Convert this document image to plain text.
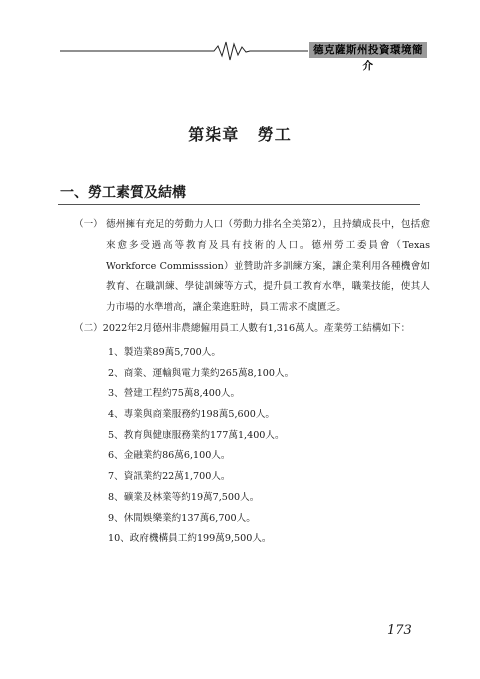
德克薩斯州投資環境簡介
第柒章 勞工
一、勞工素質及結構
（一） 德州擁有充足的勞動力人口（勞動力排名全美第2），且持續成長中，包括愈來愈多受過高等教育及具有技術的人口。德州勞工委員會（Texas Workforce Commisssion）並贊助許多訓練方案，讓企業利用各種機會如教育、在職訓練、學徒訓練等方式，提升員工教育水準，職業技能，使其人力市場的水準增高，讓企業進駐時，員工需求不虞匱乏。
（二）2022年2月德州非農總僱用員工人數有1,316萬人。產業勞工結構如下：
1、製造業89萬5,700人。
2、商業、運輸與電力業約265萬8,100人。
3、營建工程約75萬8,400人。
4、專業與商業服務約198萬5,600人。
5、教育與健康服務業約177萬1,400人。
6、金融業約86萬6,100人。
7、資訊業約22萬1,700人。
8、礦業及林業等約19萬7,500人。
9、休閒娛樂業約137萬6,700人。
10、政府機構員工約199萬9,500人。
173
